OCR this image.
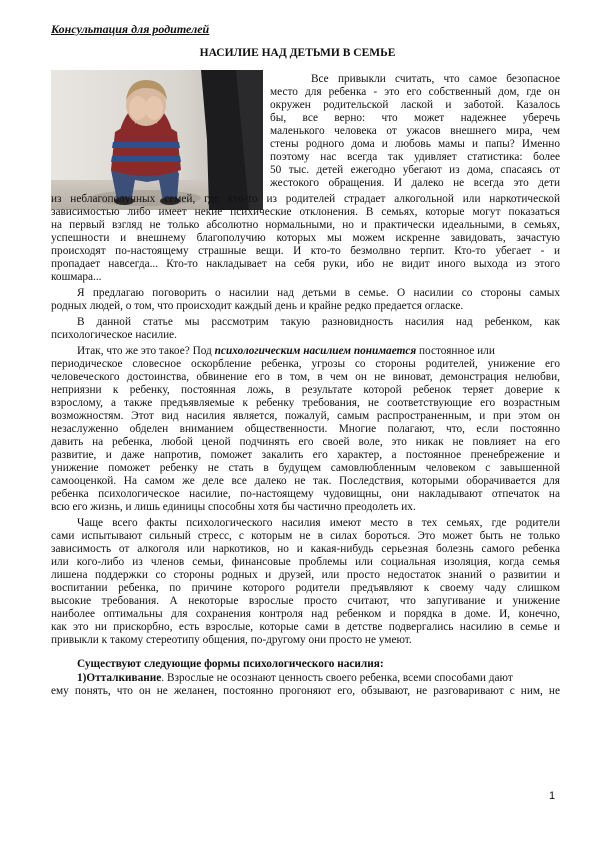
Консультация для родителей
НАСИЛИЕ НАД ДЕТЬМИ В СЕМЬЕ
Все привыкли считать, что самое безопасное
место для ребенка - это его собственный дом, где он
окружен родительской лаской и заботой. Казалось
бы, все верно: что может надежнее уберечь
маленького человека от ужасов внешнего мира, чем
стены родного дома и любовь мамы и папы? Именно
поэтому нас всегда так удивляет статистика: более
50 тыс. детей ежегодно убегают из дома, спасаясь от
жестокого обращения. И далеко не всегда это дети
из неблагополучных семей, где кто-то из родителей страдает алкогольной или наркотической
зависимостью либо имеет некие психические отклонения. В семьях, которые могут показаться
на первый взгляд не только абсолютно нормальными, но и практически идеальными, в семьях,
успешности и внешнему благополучию которых мы можем искренне завидовать, зачастую
происходят по-настоящему страшные вещи. И кто-то безмолвно терпит. Кто-то убегает - и
пропадает навсегда... Кто-то накладывает на себя руки, ибо не видит иного выхода из этого
кошмара...
Я предлагаю поговорить о насилии над детьми в семье. О насилии со стороны самых
родных людей, о том, что происходит каждый день и крайне редко предается огласке.
В данной статье мы рассмотрим такую разновидность насилия над ребенком, как
психологическое насилие.
Итак, что же это такое? Под психологическим насилием понимается постоянное или
периодическое словесное оскорбление ребенка, угрозы со стороны родителей, унижение его
человеческого достоинства, обвинение его в том, в чем он не виноват, демонстрация нелюбви,
неприязни к ребенку, постоянная ложь, в результате которой ребенок теряет доверие к
взрослому, а также предъявляемые к ребенку требования, не соответствующие его возрастным
возможностям. Этот вид насилия является, пожалуй, самым распространенным, и при этом он
незаслуженно обделен вниманием общественности. Многие полагают, что, если постоянно
давить на ребенка, любой ценой подчинять его своей воле, это никак не повлияет на его
развитие, и даже напротив, поможет закалить его характер, а постоянное пренебрежение и
унижение поможет ребенку не стать в будущем самовлюбленным человеком с завышенной
самооценкой. На самом же деле все далеко не так. Последствия, которыми оборачивается для
ребенка психологическое насилие, по-настоящему чудовищны, они накладывают отпечаток на
всю его жизнь, и лишь единицы способны хотя бы частично преодолеть их.
Чаще всего факты психологического насилия имеют место в тех семьях, где родители
сами испытывают сильный стресс, с которым не в силах бороться. Это может быть не только
зависимость от алкоголя или наркотиков, но и какая-нибудь серьезная болезнь самого ребенка
или кого-либо из членов семьи, финансовые проблемы или социальная изоляция, когда семья
лишена поддержки со стороны родных и друзей, или просто недостаток знаний о развитии и
воспитании ребенка, по причине которого родители предъявляют к своему чаду слишком
высокие требования. А некоторые взрослые просто считают, что запугивание и унижение
наиболее оптимальны для сохранения контроля над ребенком и порядка в доме. И, конечно,
как это ни прискорбно, есть взрослые, которые сами в детстве подвергались насилию в семье и
привыкли к такому стереотипу общения, по-другому они просто не умеют.
Существуют следующие формы психологического насилия:
1)Отталкивание. Взрослые не осознают ценность своего ребенка, всеми способами дают
ему понять, что он не желанен, постоянно прогоняют его, обзывают, не разговаривают с ним, не
1
